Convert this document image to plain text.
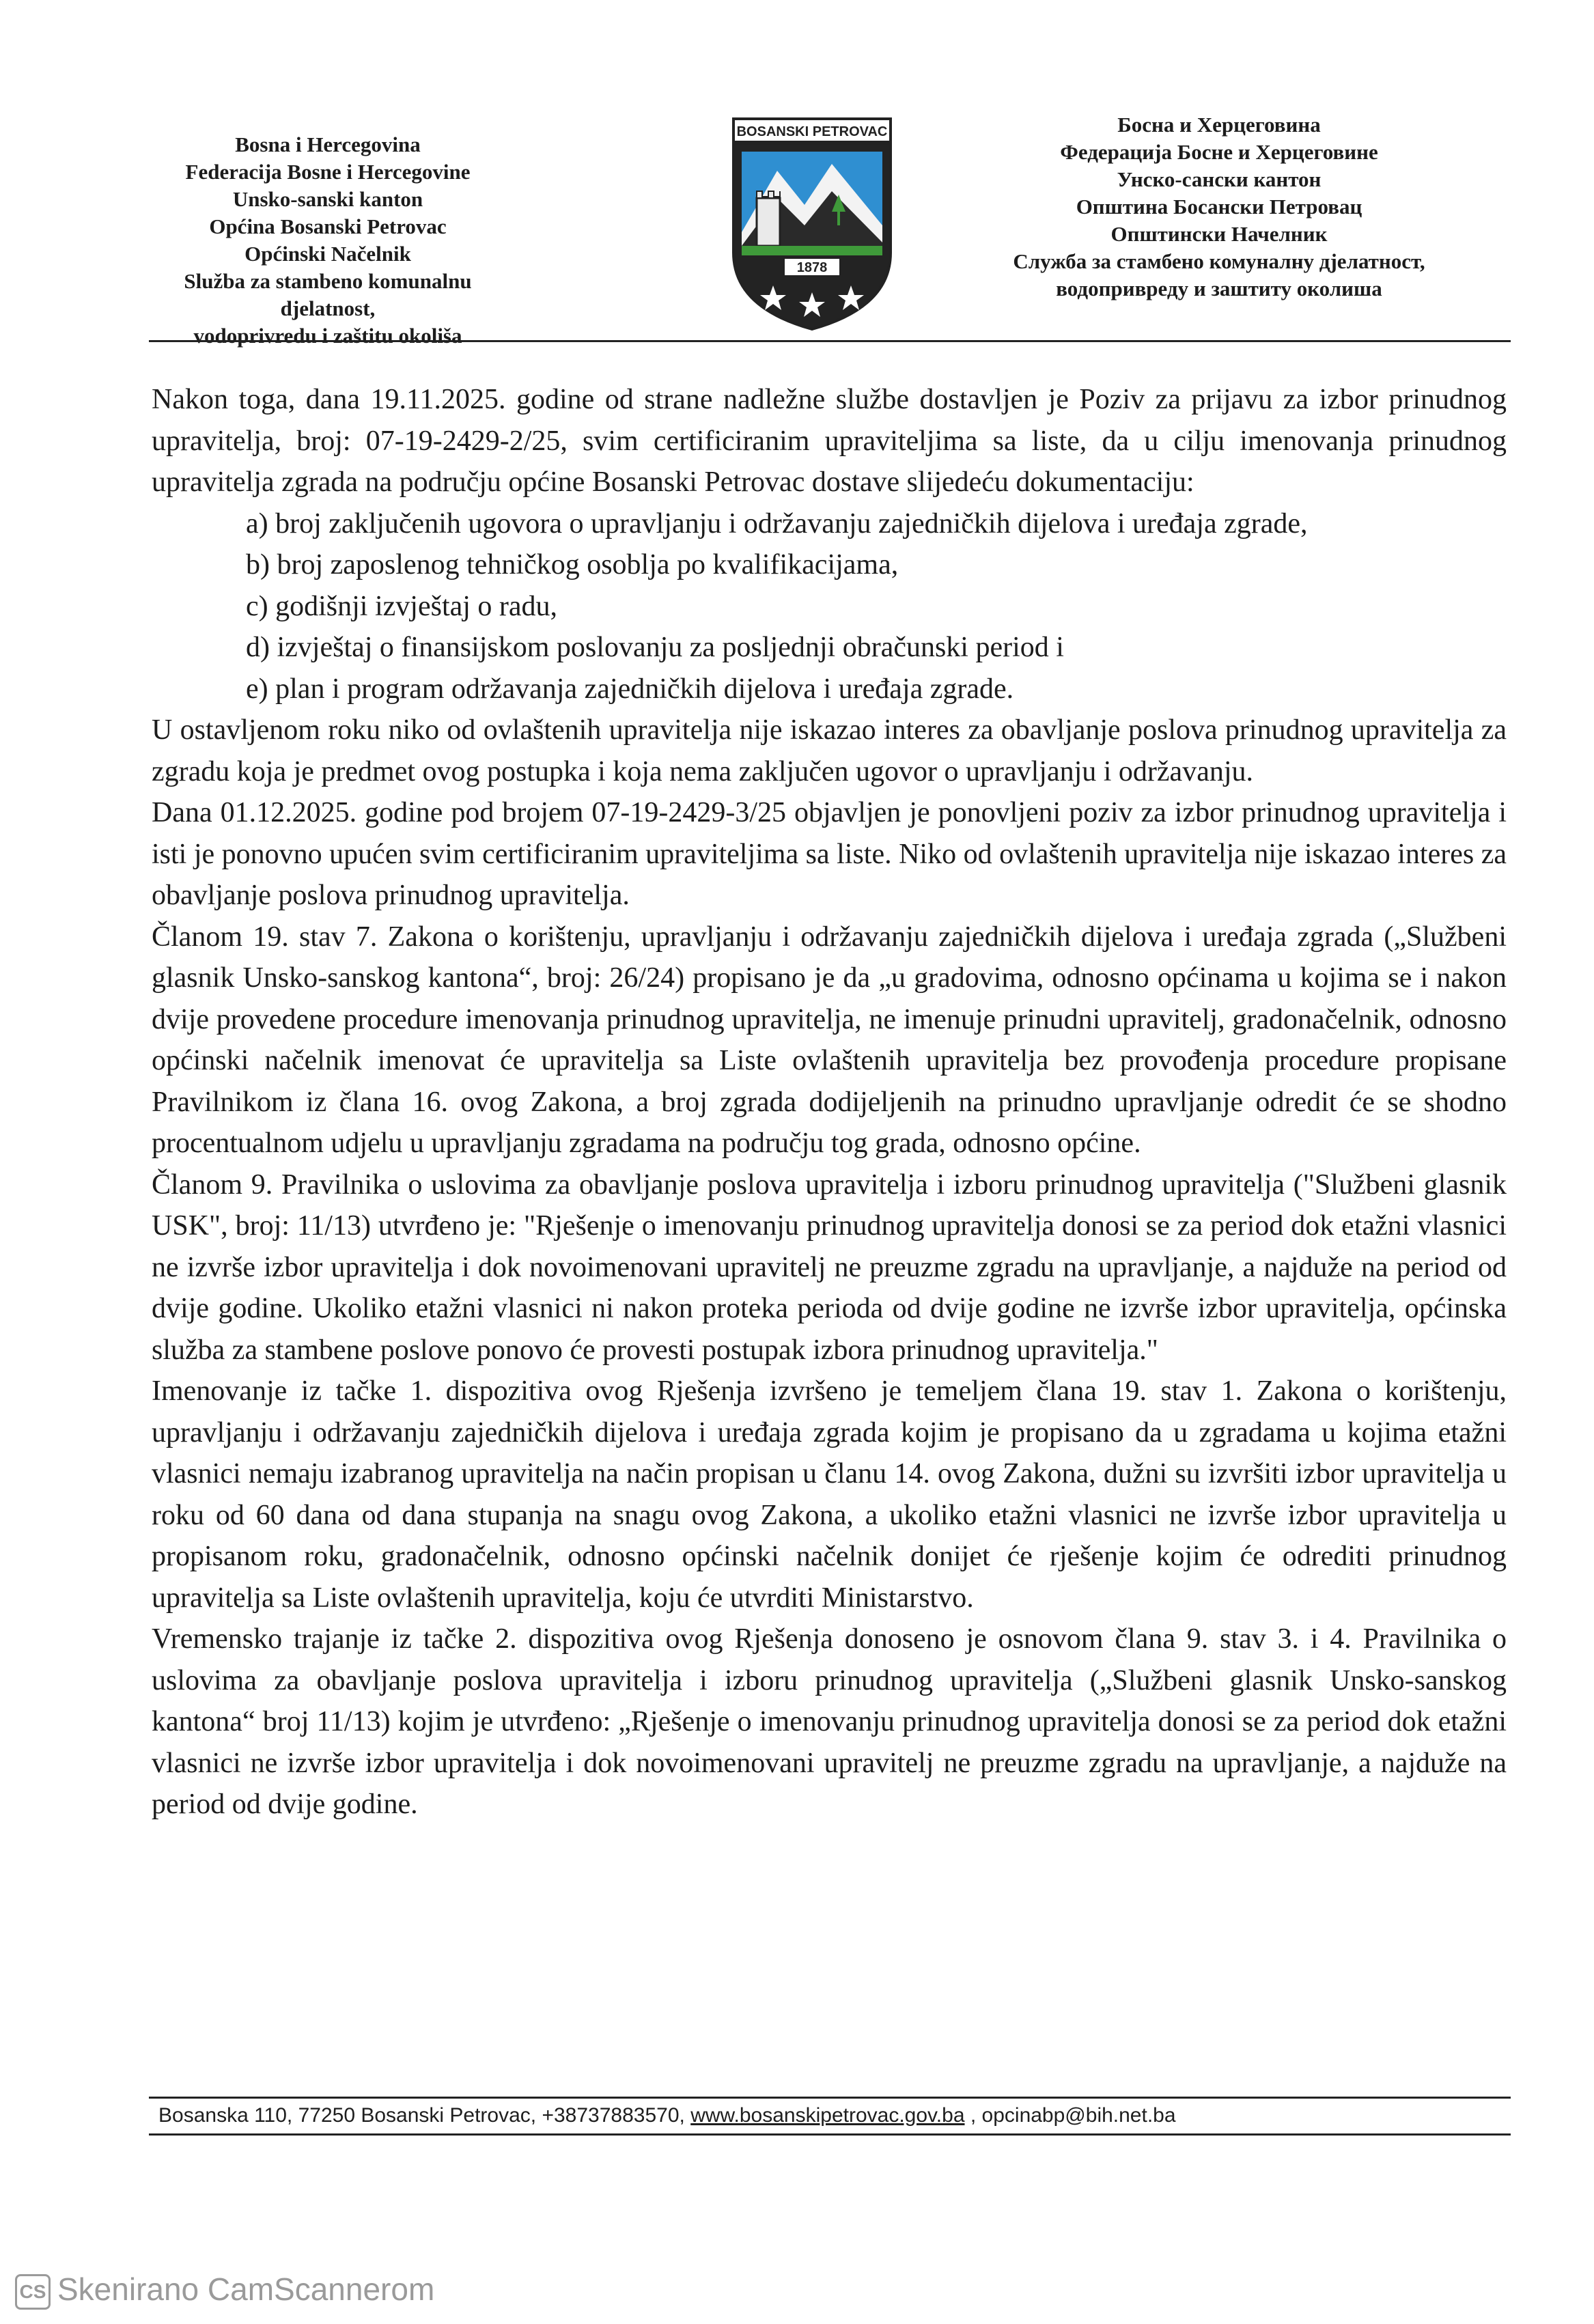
Bosna i Hercegovina
Federacija Bosne i Hercegovine
Unsko-sanski kanton
Općina Bosanski Petrovac
Općinski Načelnik
Služba za stambeno komunalnu djelatnost,
vodoprivredu i zaštitu okoliša
BOSANSKI PETROVAC
1878
Босна и Херцеговина
Федерација Босне и Херцеговине
Унско-сански кантон
Општина Босански Петровац
Општински Начелник
Служба за стамбено комуналну дјелатност,
водопривреду и заштиту околиша

Nakon toga, dana 19.11.2025. godine od strane nadležne službe dostavljen je Poziv za prijavu za izbor prinudnog upravitelja, broj: 07-19-2429-2/25, svim certificiranim upraviteljima sa liste, da u cilju imenovanja prinudnog upravitelja zgrada na području općine Bosanski Petrovac dostave slijedeću dokumentaciju:

a) broj zaključenih ugovora o upravljanju i održavanju zajedničkih dijelova i uređaja zgrade,
b) broj zaposlenog tehničkog osoblja po kvalifikacijama,
c) godišnji izvještaj o radu,
d) izvještaj o finansijskom poslovanju za posljednji obračunski period i
e) plan i program održavanja zajedničkih dijelova i uređaja zgrade.

U ostavljenom roku niko od ovlaštenih upravitelja nije iskazao interes za obavljanje poslova prinudnog upravitelja za zgradu koja je predmet ovog postupka i koja nema zaključen ugovor o upravljanju i održavanju.

Dana 01.12.2025. godine pod brojem 07-19-2429-3/25 objavljen je ponovljeni poziv za izbor prinudnog upravitelja i isti je ponovno upućen svim certificiranim upraviteljima sa liste. Niko od ovlaštenih upravitelja nije iskazao interes za obavljanje poslova prinudnog upravitelja.

Članom 19. stav 7. Zakona o korištenju, upravljanju i održavanju zajedničkih dijelova i uređaja zgrada („Službeni glasnik Unsko-sanskog kantona“, broj: 26/24) propisano je da „u gradovima, odnosno općinama u kojima se i nakon dvije provedene procedure imenovanja prinudnog upravitelja, ne imenuje prinudni upravitelj, gradonačelnik, odnosno općinski načelnik imenovat će upravitelja sa Liste ovlaštenih upravitelja bez provođenja procedure propisane Pravilnikom iz člana 16. ovog Zakona, a broj zgrada dodijeljenih na prinudno upravljanje odredit će se shodno procentualnom udjelu u upravljanju zgradama na području tog grada, odnosno općine.

Članom 9. Pravilnika o uslovima za obavljanje poslova upravitelja i izboru prinudnog upravitelja ("Službeni glasnik USK", broj: 11/13) utvrđeno je: "Rješenje o imenovanju prinudnog upravitelja donosi se za period dok etažni vlasnici ne izvrše izbor upravitelja i dok novoimenovani upravitelj ne preuzme zgradu na upravljanje, a najduže na period od dvije godine. Ukoliko etažni vlasnici ni nakon proteka perioda od dvije godine ne izvrše izbor upravitelja, općinska služba za stambene poslove ponovo će provesti postupak izbora prinudnog upravitelja."

Imenovanje iz tačke 1. dispozitiva ovog Rješenja izvršeno je temeljem člana 19. stav 1. Zakona o korištenju, upravljanju i održavanju zajedničkih dijelova i uređaja zgrada kojim je propisano da u zgradama u kojima etažni vlasnici nemaju izabranog upravitelja na način propisan u članu 14. ovog Zakona, dužni su izvršiti izbor upravitelja u roku od 60 dana od dana stupanja na snagu ovog Zakona, a ukoliko etažni vlasnici ne izvrše izbor upravitelja u propisanom roku, gradonačelnik, odnosno općinski načelnik donijet će rješenje kojim će odrediti prinudnog upravitelja sa Liste ovlaštenih upravitelja, koju će utvrditi Ministarstvo.

Vremensko trajanje iz tačke 2. dispozitiva ovog Rješenja donoseno je osnovom člana 9. stav 3. i 4. Pravilnika o uslovima za obavljanje poslova upravitelja i izboru prinudnog upravitelja („Službeni glasnik Unsko-sanskog kantona“ broj 11/13) kojim je utvrđeno: „Rješenje o imenovanju prinudnog upravitelja donosi se za period dok etažni vlasnici ne izvrše izbor upravitelja i dok novoimenovani upravitelj ne preuzme zgradu na upravljanje, a najduže na period od dvije godine.

Bosanska 110, 77250 Bosanski Petrovac, +38737883570, www.bosanskipetrovac.gov.ba , opcinabp@bih.net.ba
CS Skenirano CamScannerom
